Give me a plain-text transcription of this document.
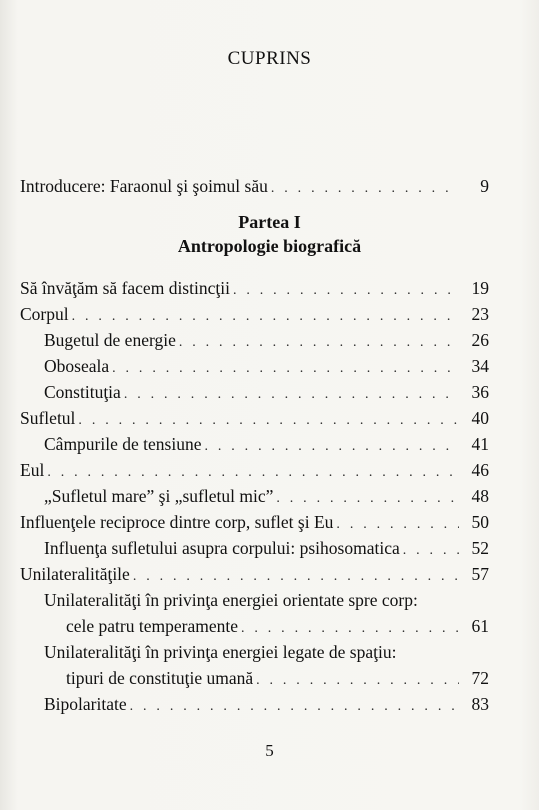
CUPRINS
Introducere: Faraonul şi şoimul său . . .	9
Partea I
Antropologie biografică
Să învăţăm să facem distincţii . . .	19
Corpul . . .	23
Bugetul de energie . . .	26
Oboseala . . .	34
Constituţia . . .	36
Sufletul . . .	40
Câmpurile de tensiune . . .	41
Eul . . .	46
„Sufletul mare” şi „sufletul mic” . . .	48
Influenţele reciproce dintre corp, suflet şi Eu . . .	50
Influenţa sufletului asupra corpului: psihosomatica . . .	52
Unilateralităţile . . .	57
Unilateralităţi în privinţa energiei orientate spre corp:
cele patru temperamente . . .	61
Unilateralităţi în privinţa energiei legate de spaţiu:
tipuri de constituţie umană . . .	72
Bipolaritate . . .	83
5
